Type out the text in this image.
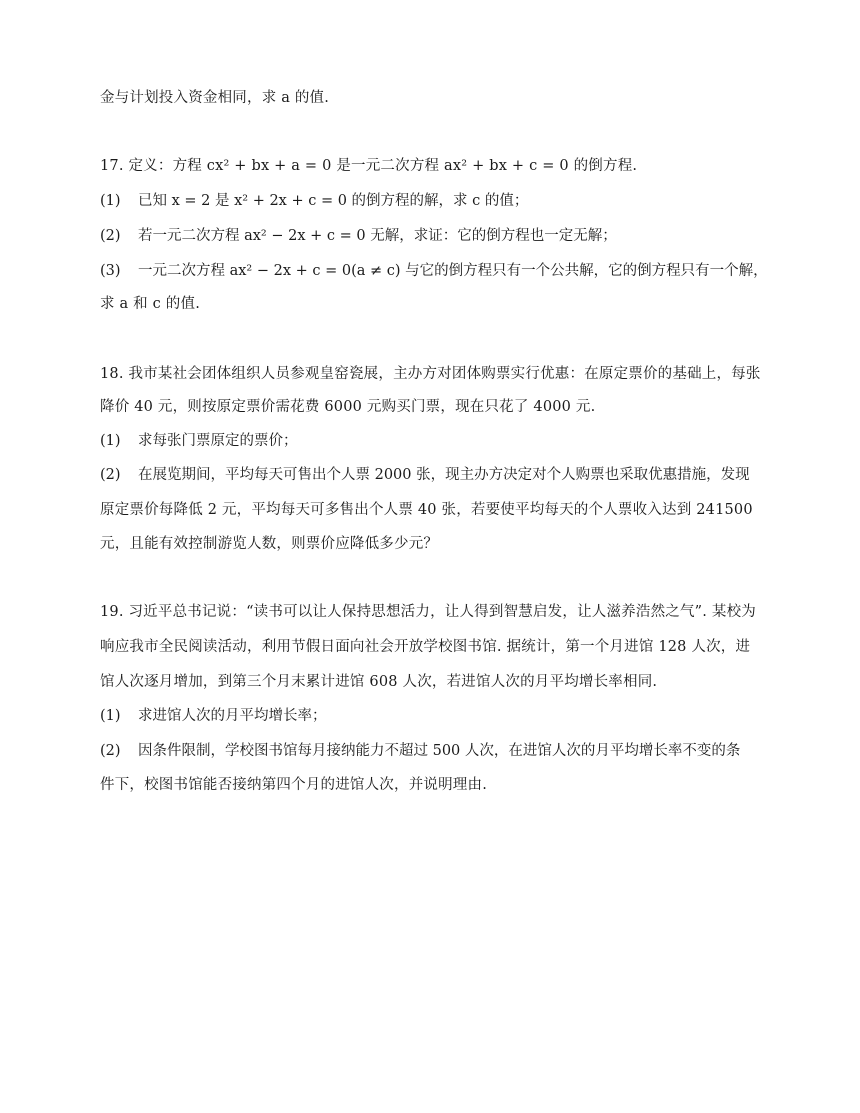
金与计划投入资金相同，求 a 的值.
17. 定义：方程 cx² + bx + a = 0 是一元二次方程 ax² + bx + c = 0 的倒方程.
(1) 已知 x = 2 是 x² + 2x + c = 0 的倒方程的解，求 c 的值；
(2) 若一元二次方程 ax² − 2x + c = 0 无解，求证：它的倒方程也一定无解；
(3) 一元二次方程 ax² − 2x + c = 0(a ≠ c) 与它的倒方程只有一个公共解，它的倒方程只有一个解，
求 a 和 c 的值.
18. 我市某社会团体组织人员参观皇窑瓷展，主办方对团体购票实行优惠：在原定票价的基础上，每张
降价 40 元，则按原定票价需花费 6000 元购买门票，现在只花了 4000 元.
(1) 求每张门票原定的票价；
(2) 在展览期间，平均每天可售出个人票 2000 张，现主办方决定对个人购票也采取优惠措施，发现
原定票价每降低 2 元，平均每天可多售出个人票 40 张，若要使平均每天的个人票收入达到 241500
元，且能有效控制游览人数，则票价应降低多少元？
19. 习近平总书记说：“读书可以让人保持思想活力，让人得到智慧启发，让人滋养浩然之气”. 某校为
响应我市全民阅读活动，利用节假日面向社会开放学校图书馆. 据统计，第一个月进馆 128 人次，进
馆人次逐月增加，到第三个月末累计进馆 608 人次，若进馆人次的月平均增长率相同.
(1) 求进馆人次的月平均增长率；
(2) 因条件限制，学校图书馆每月接纳能力不超过 500 人次，在进馆人次的月平均增长率不变的条
件下，校图书馆能否接纳第四个月的进馆人次，并说明理由.
